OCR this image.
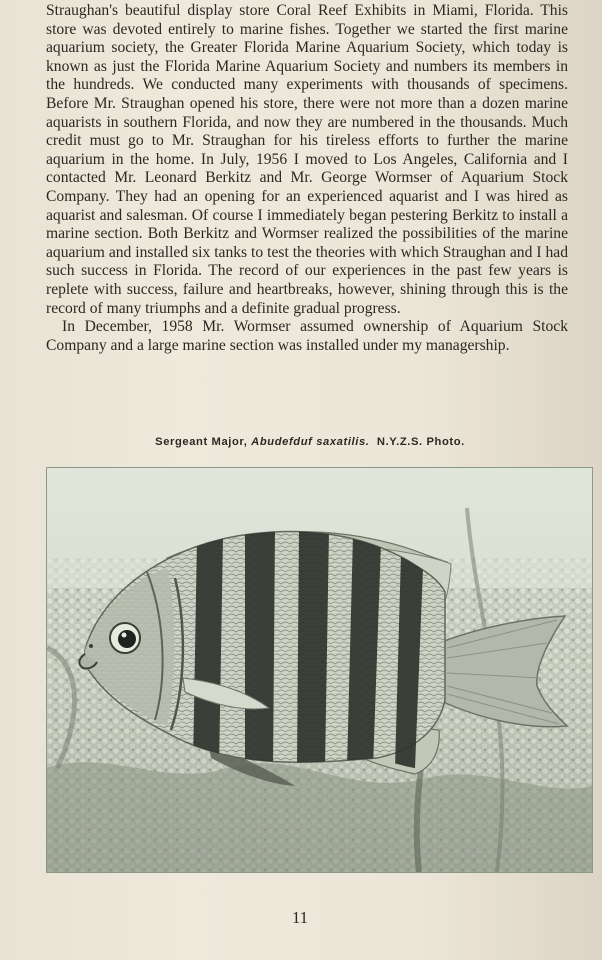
Straughan's beautiful display store Coral Reef Exhibits in Miami, Florida. This store was devoted entirely to marine fishes. Together we started the first marine aquarium society, the Greater Florida Marine Aquarium Society, which today is known as just the Florida Marine Aquarium Society and numbers its members in the hundreds. We conducted many experiments with thousands of specimens. Before Mr. Straughan opened his store, there were not more than a dozen marine aquarists in southern Florida, and now they are numbered in the thousands. Much credit must go to Mr. Straughan for his tireless efforts to further the marine aquarium in the home. In July, 1956 I moved to Los Angeles, California and I contacted Mr. Leonard Berkitz and Mr. George Wormser of Aquarium Stock Company. They had an opening for an experienced aquarist and I was hired as aquarist and salesman. Of course I immediately began pestering Berkitz to install a marine section. Both Berkitz and Wormser realized the possibilities of the marine aquarium and installed six tanks to test the theories with which Straughan and I had such success in Florida. The record of our experiences in the past few years is replete with success, failure and heartbreaks, however, shining through this is the record of many triumphs and a definite gradual progress.

In December, 1958 Mr. Wormser assumed ownership of Aquarium Stock Company and a large marine section was installed under my managership.

Sergeant Major, Abudefduf saxatilis. N.Y.Z.S. Photo.
11
